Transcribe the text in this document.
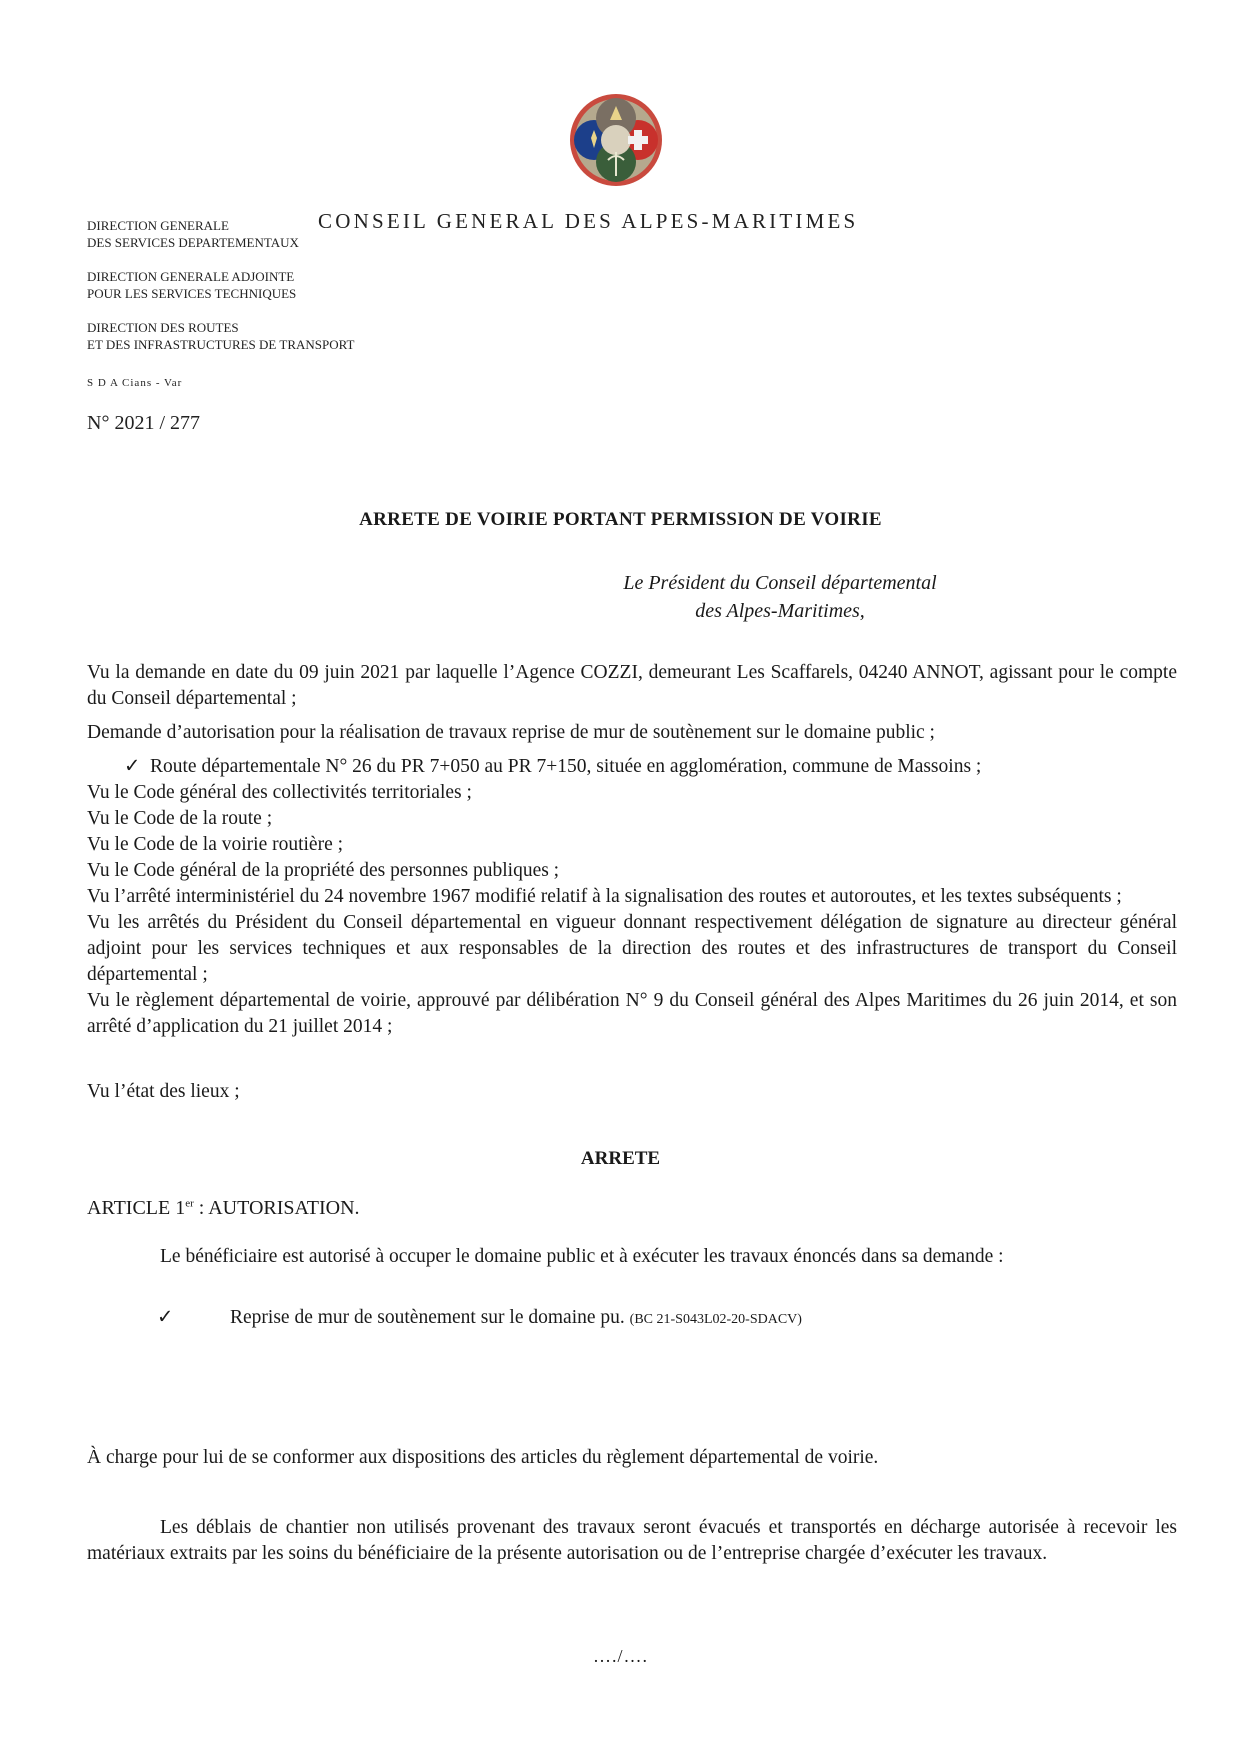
CONSEIL GENERAL DES ALPES-MARITIMES
DIRECTION GENERALE
DES SERVICES DEPARTEMENTAUX
DIRECTION GENERALE ADJOINTE
POUR LES SERVICES TECHNIQUES
DIRECTION DES ROUTES
ET DES INFRASTRUCTURES DE TRANSPORT
S D A Cians - Var
N° 2021 / 277
ARRETE DE VOIRIE PORTANT PERMISSION DE VOIRIE
Le Président du Conseil départemental
des Alpes-Maritimes,
Vu la demande en date du 09 juin 2021 par laquelle l’Agence COZZI, demeurant Les Scaffarels, 04240 ANNOT, agissant pour le compte du Conseil départemental ;
Demande d’autorisation pour la réalisation de travaux reprise de mur de soutènement sur le domaine public ;
✓ Route départementale N° 26 du PR 7+050 au PR 7+150, située en agglomération, commune de Massoins ;

Vu le Code général des collectivités territoriales ;

Vu le Code de la route ;

Vu le Code de la voirie routière ;

Vu le Code général de la propriété des personnes publiques ;

Vu l’arrêté interministériel du 24 novembre 1967 modifié relatif à la signalisation des routes et autoroutes, et les textes subséquents ;

Vu les arrêtés du Président du Conseil départemental en vigueur donnant respectivement délégation de signature au directeur général adjoint pour les services techniques et aux responsables de la direction des routes et des infrastructures de transport du Conseil départemental ;

Vu le règlement départemental de voirie, approuvé par délibération N° 9 du Conseil général des Alpes Maritimes du 26 juin 2014, et son arrêté d’application du 21 juillet 2014 ;

Vu l’état des lieux ;
ARRETE
ARTICLE 1er : AUTORISATION.
Le bénéficiaire est autorisé à occuper le domaine public et à exécuter les travaux énoncés dans sa demande :
✓	Reprise de mur de soutènement sur le domaine pu. (BC 21-S043L02-20-SDACV)
À charge pour lui de se conformer aux dispositions des articles du règlement départemental de voirie.
Les déblais de chantier non utilisés provenant des travaux seront évacués et transportés en décharge autorisée à recevoir les matériaux extraits par les soins du bénéficiaire de la présente autorisation ou de l’entreprise chargée d’exécuter les travaux.
…./….
